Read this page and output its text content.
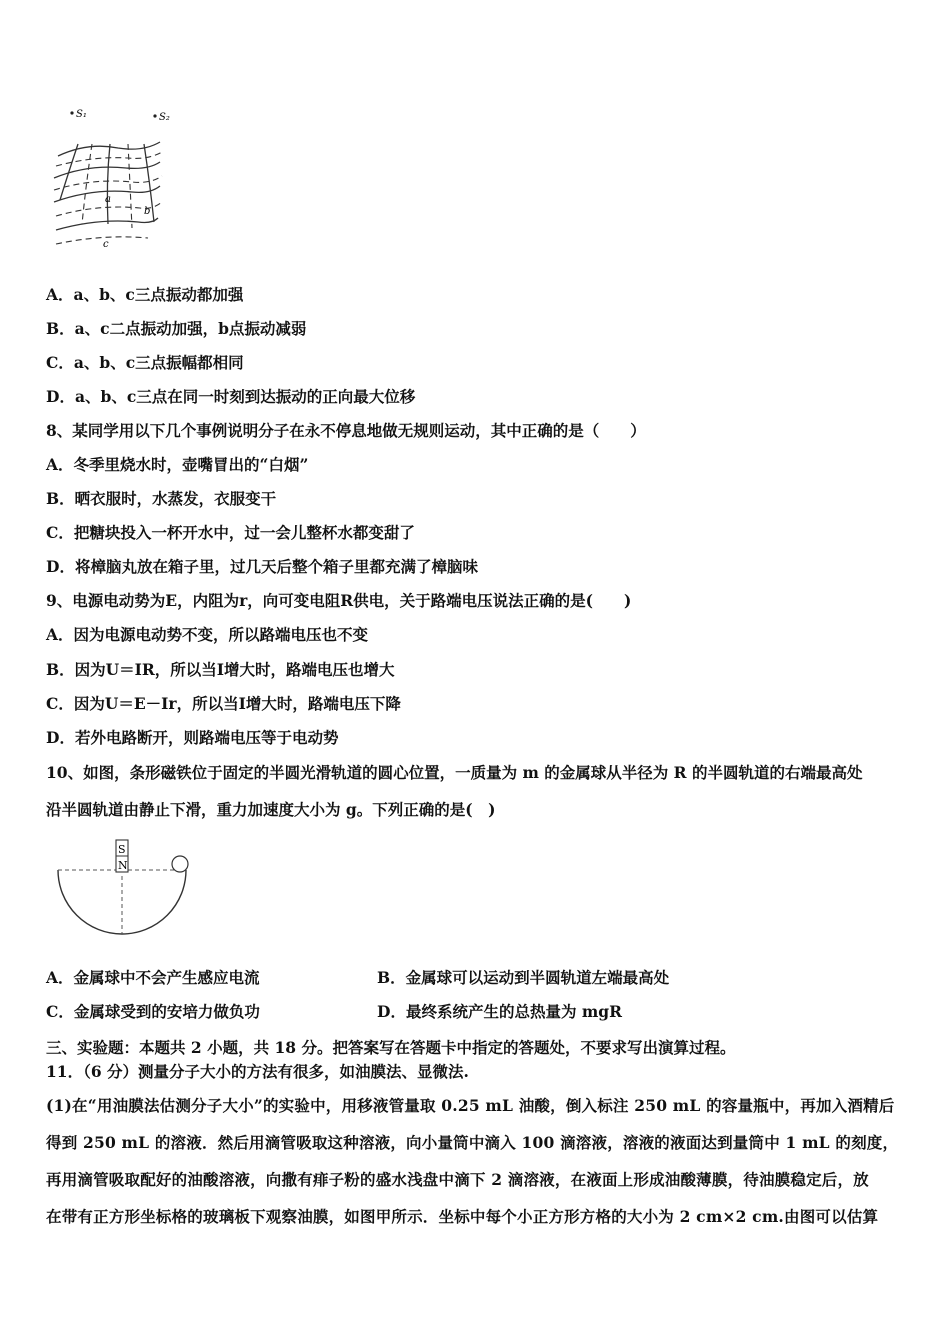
S₁	S₂
a
b
c
A．a、b、c三点振动都加强
B．a、c二点振动加强，b点振动减弱
C．a、b、c三点振幅都相同
D．a、b、c三点在同一时刻到达振动的正向最大位移
8、某同学用以下几个事例说明分子在永不停息地做无规则运动，其中正确的是（　　）
A．冬季里烧水时，壶嘴冒出的“白烟”
B．晒衣服时，水蒸发，衣服变干
C．把糖块投入一杯开水中，过一会儿整杯水都变甜了
D．将樟脑丸放在箱子里，过几天后整个箱子里都充满了樟脑味
9、电源电动势为E，内阻为r，向可变电阻R供电，关于路端电压说法正确的是(　　)
A．因为电源电动势不变，所以路端电压也不变
B．因为U＝IR，所以当I增大时，路端电压也增大
C．因为U＝E－Ir，所以当I增大时，路端电压下降
D．若外电路断开，则路端电压等于电动势
10、如图，条形磁铁位于固定的半圆光滑轨道的圆心位置，一质量为 m 的金属球从半径为 R 的半圆轨道的右端最高处
沿半圆轨道由静止下滑，重力加速度大小为 g。下列正确的是(　)
S
N
A．金属球中不会产生感应电流	B．金属球可以运动到半圆轨道左端最高处
C．金属球受到的安培力做负功	D．最终系统产生的总热量为 mgR
三、实验题：本题共 2 小题，共 18 分。把答案写在答题卡中指定的答题处，不要求写出演算过程。
11．（6 分）测量分子大小的方法有很多，如油膜法、显微法.
(1)在“用油膜法估测分子大小”的实验中，用移液管量取 0.25 mL 油酸，倒入标注 250 mL 的容量瓶中，再加入酒精后
得到 250 mL 的溶液．然后用滴管吸取这种溶液，向小量筒中滴入 100 滴溶液，溶液的液面达到量筒中 1 mL 的刻度，
再用滴管吸取配好的油酸溶液，向撒有痱子粉的盛水浅盘中滴下 2 滴溶液，在液面上形成油酸薄膜，待油膜稳定后，放
在带有正方形坐标格的玻璃板下观察油膜，如图甲所示．坐标中每个小正方形方格的大小为 2 cm×2 cm.由图可以估算
